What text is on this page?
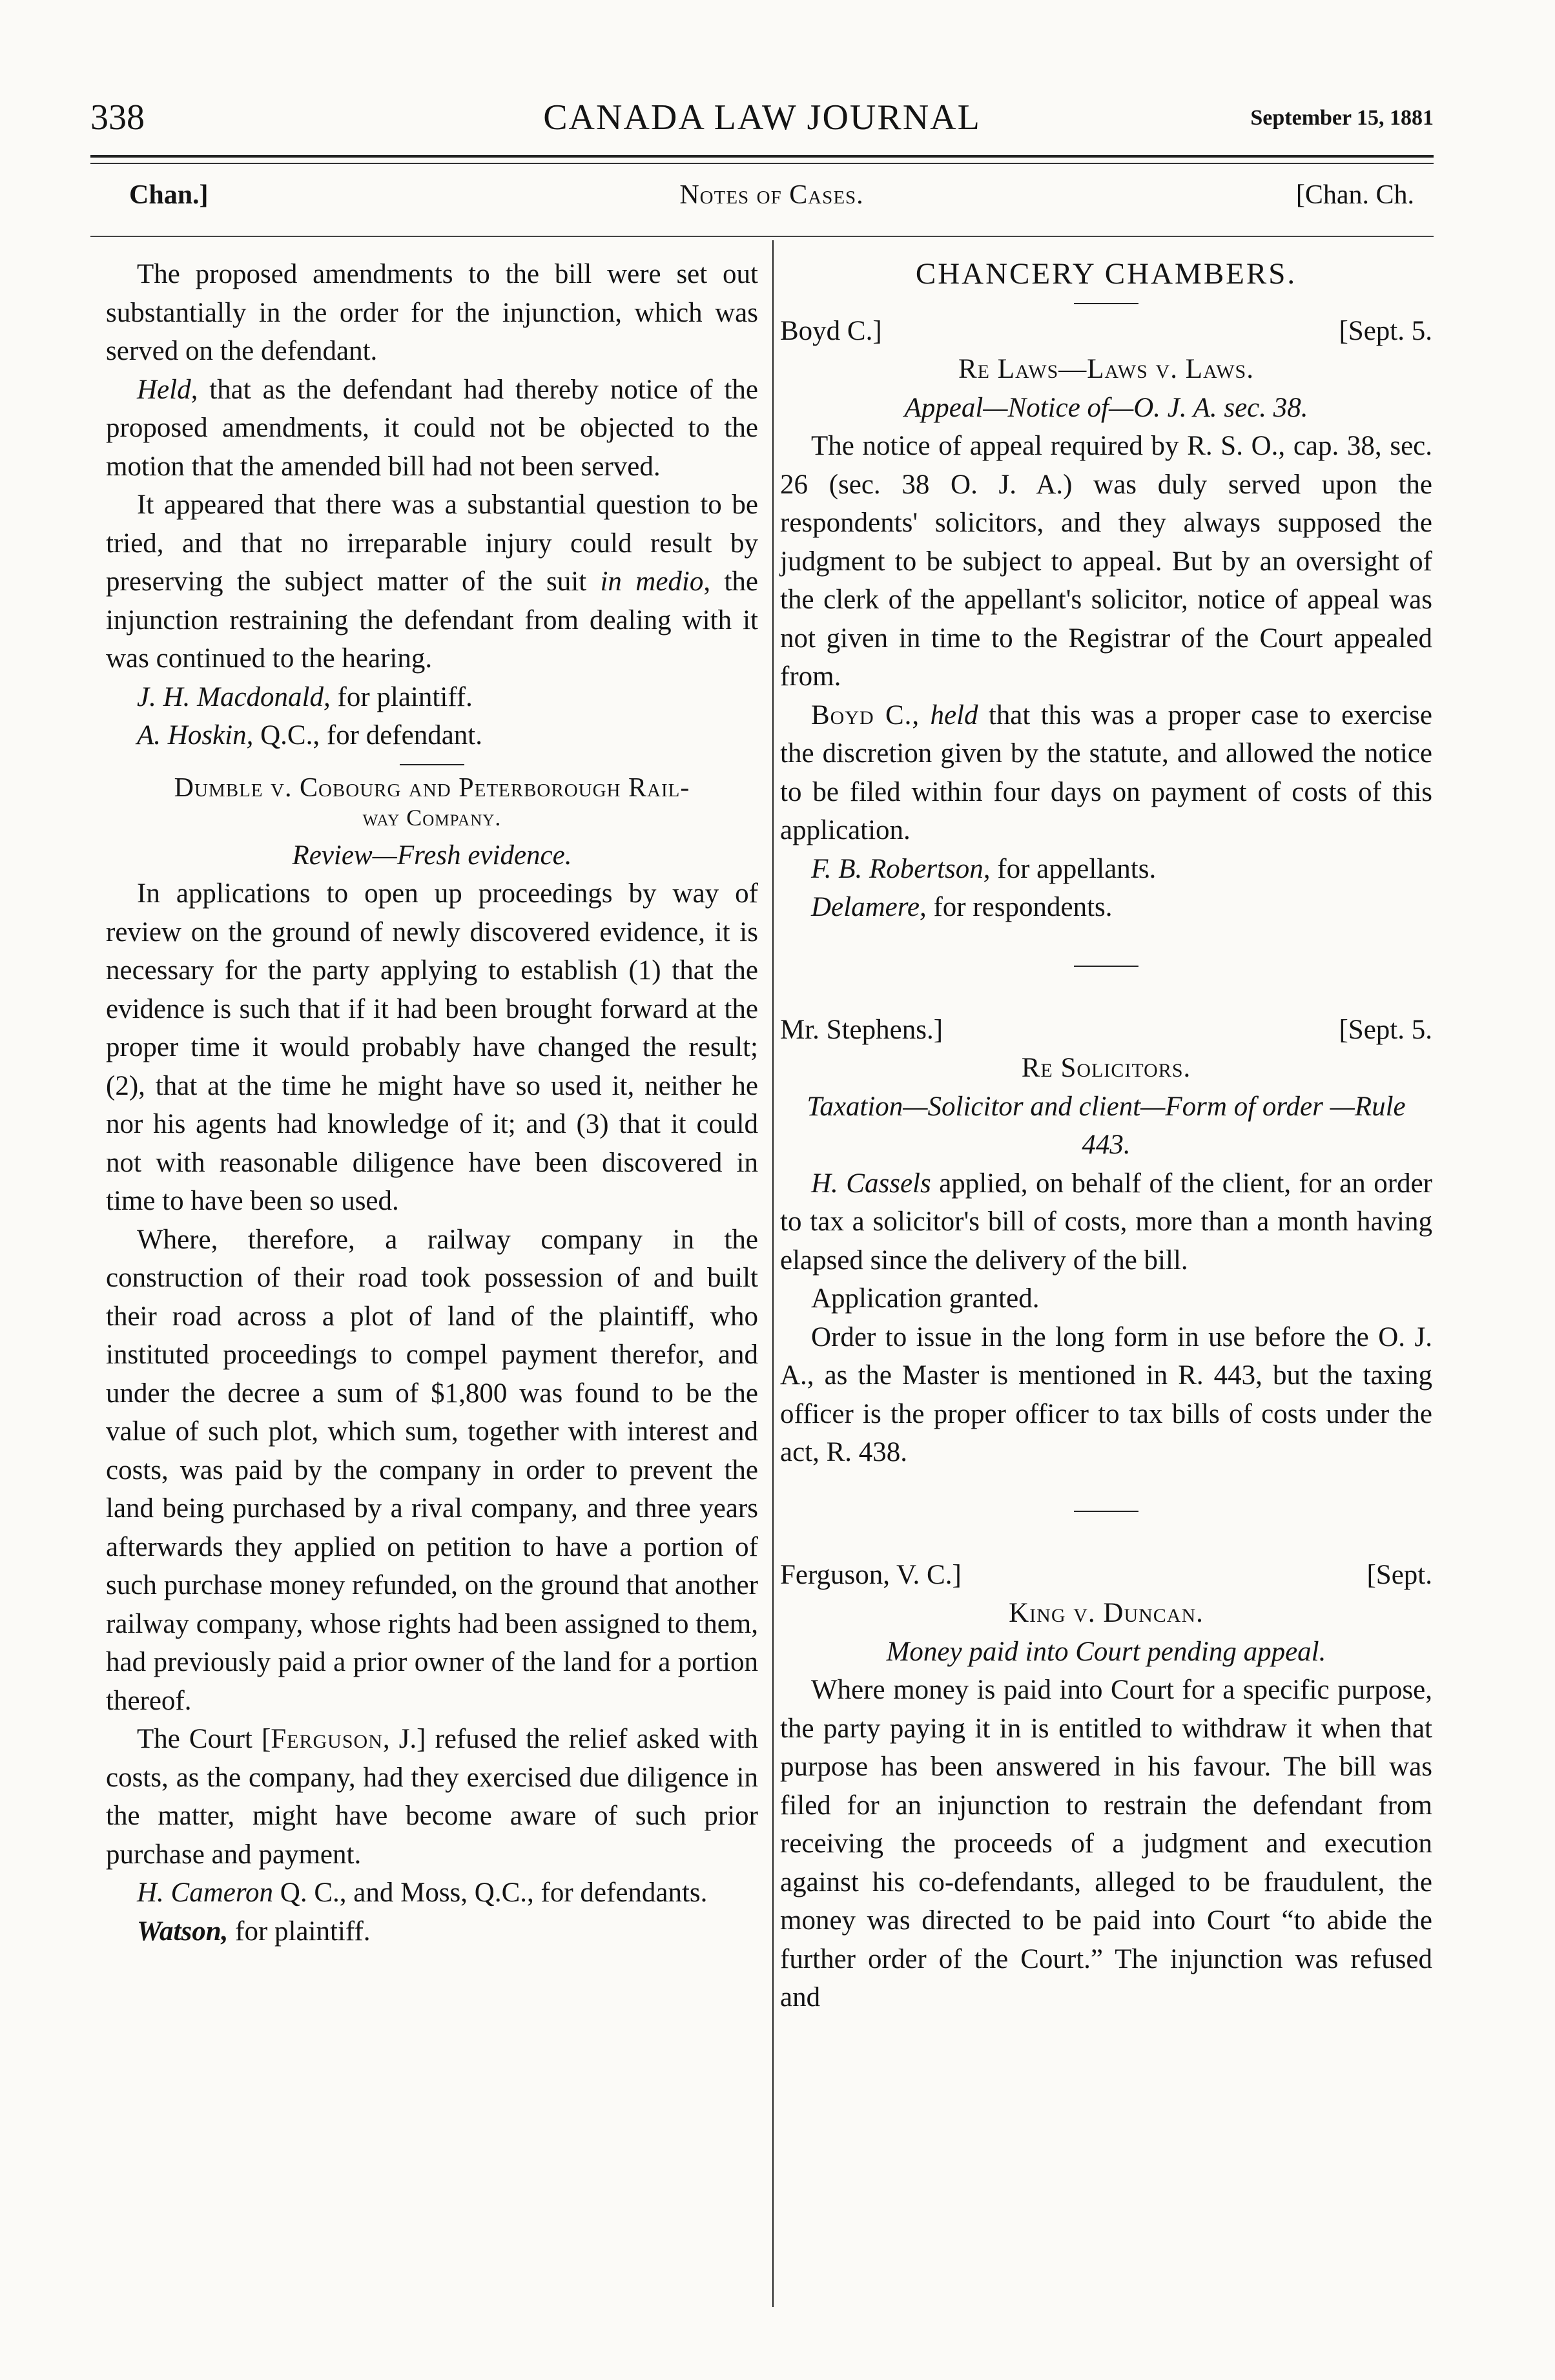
338	CANADA LAW JOURNAL	September 15, 1881
Chan.]	Notes of Cases.	[Chan. Ch.

The proposed amendments to the bill were set out substantially in the order for the injunction, which was served on the defendant.

Held, that as the defendant had thereby notice of the proposed amendments, it could not be objected to the motion that the amended bill had not been served.

It appeared that there was a substantial question to be tried, and that no irreparable injury could result by preserving the subject matter of the suit in medio, the injunction restraining the defendant from dealing with it was continued to the hearing.

J. H. Macdonald, for plaintiff.

A. Hoskin, Q.C., for defendant.

Dumble v. Cobourg and Peterborough Rail-
way Company.

Review—Fresh evidence.

In applications to open up proceedings by way of review on the ground of newly discovered evidence, it is necessary for the party applying to establish (1) that the evidence is such that if it had been brought forward at the proper time it would probably have changed the result; (2), that at the time he might have so used it, neither he nor his agents had knowledge of it; and (3) that it could not with reasonable diligence have been discovered in time to have been so used.

Where, therefore, a railway company in the construction of their road took possession of and built their road across a plot of land of the plaintiff, who instituted proceedings to compel payment therefor, and under the decree a sum of $1,800 was found to be the value of such plot, which sum, together with interest and costs, was paid by the company in order to prevent the land being purchased by a rival company, and three years afterwards they applied on petition to have a portion of such purchase money refunded, on the ground that another railway company, whose rights had been assigned to them, had previously paid a prior owner of the land for a portion thereof.

The Court [Ferguson, J.] refused the relief asked with costs, as the company, had they exercised due diligence in the matter, might have become aware of such prior purchase and payment.

H. Cameron Q. C., and Moss, Q.C., for defendants.

Watson, for plaintiff.

CHANCERY CHAMBERS.

Boyd C.]	[Sept. 5.

Re Laws—Laws v. Laws.

Appeal—Notice of—O. J. A. sec. 38.

The notice of appeal required by R. S. O., cap. 38, sec. 26 (sec. 38 O. J. A.) was duly served upon the respondents' solicitors, and they always supposed the judgment to be subject to appeal. But by an oversight of the clerk of the appellant's solicitor, notice of appeal was not given in time to the Registrar of the Court appealed from.

Boyd C., held that this was a proper case to exercise the discretion given by the statute, and allowed the notice to be filed within four days on payment of costs of this application.

F. B. Robertson, for appellants.

Delamere, for respondents.

Mr. Stephens.]	[Sept. 5.

Re Solicitors.

Taxation—Solicitor and client—Form of order —Rule 443.

H. Cassels applied, on behalf of the client, for an order to tax a solicitor's bill of costs, more than a month having elapsed since the delivery of the bill.

Application granted.

Order to issue in the long form in use before the O. J. A., as the Master is mentioned in R. 443, but the taxing officer is the proper officer to tax bills of costs under the act, R. 438.

Ferguson, V. C.]	[Sept.

King v. Duncan.

Money paid into Court pending appeal.

Where money is paid into Court for a specific purpose, the party paying it in is entitled to withdraw it when that purpose has been answered in his favour. The bill was filed for an injunction to restrain the defendant from receiving the proceeds of a judgment and execution against his co-defendants, alleged to be fraudulent, the money was directed to be paid into Court “to abide the further order of the Court.” The injunction was refused and
